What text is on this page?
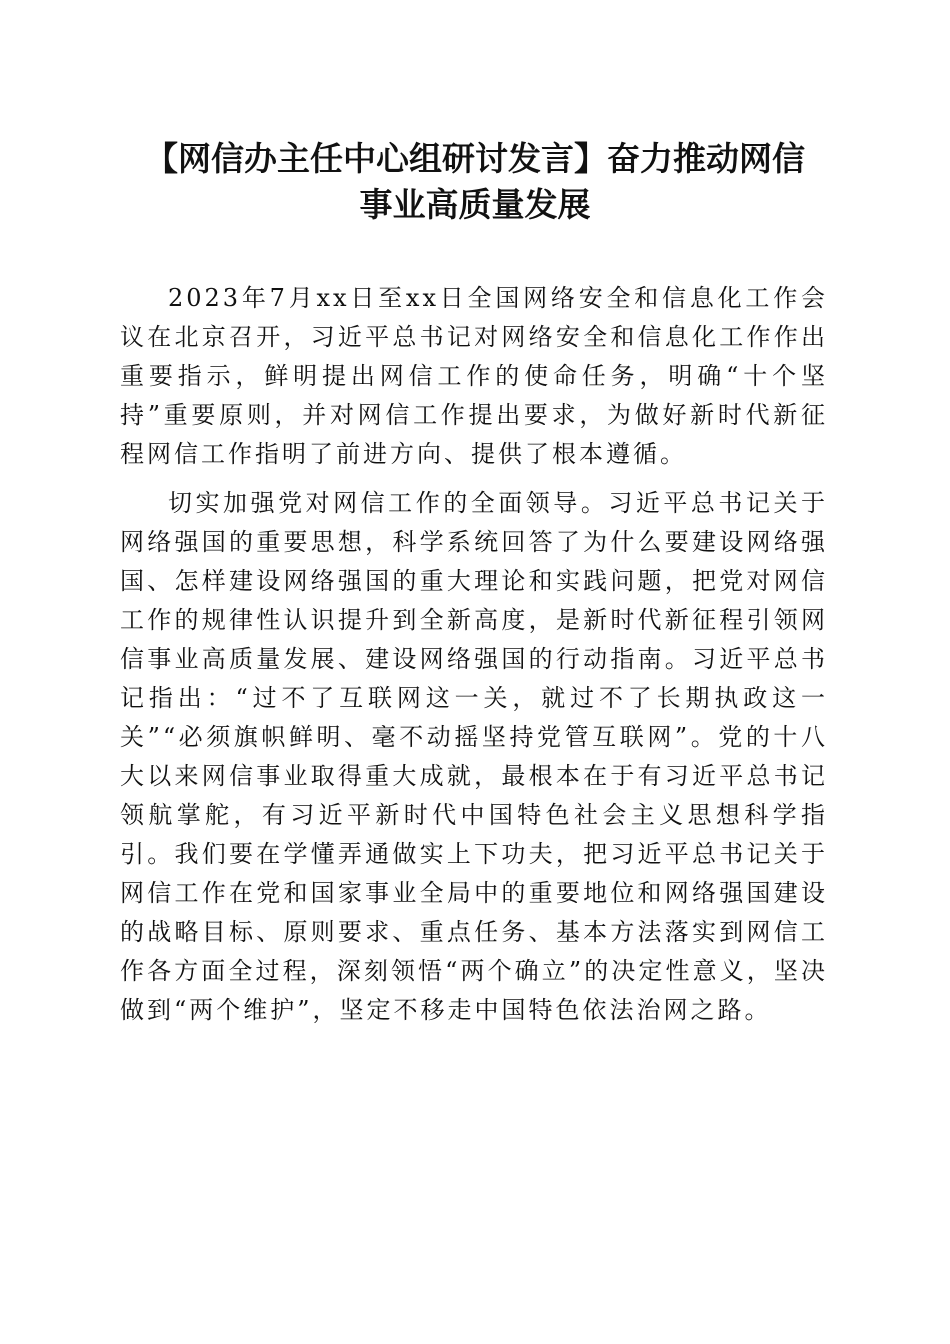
【网信办主任中心组研讨发言】奋力推动网信
事业高质量发展

2023年7月xx日至xx日全国网络安全和信息化工作会议在北京召开，习近平总书记对网络安全和信息化工作作出重要指示，鲜明提出网信工作的使命任务，明确“十个坚持”重要原则，并对网信工作提出要求，为做好新时代新征程网信工作指明了前进方向、提供了根本遵循。

切实加强党对网信工作的全面领导。习近平总书记关于网络强国的重要思想，科学系统回答了为什么要建设网络强国、怎样建设网络强国的重大理论和实践问题，把党对网信工作的规律性认识提升到全新高度，是新时代新征程引领网信事业高质量发展、建设网络强国的行动指南。习近平总书记指出：“过不了互联网这一关，就过不了长期执政这一关”“必须旗帜鲜明、毫不动摇坚持党管互联网”。党的十八大以来网信事业取得重大成就，最根本在于有习近平总书记领航掌舵，有习近平新时代中国特色社会主义思想科学指引。我们要在学懂弄通做实上下功夫，把习近平总书记关于网信工作在党和国家事业全局中的重要地位和网络强国建设的战略目标、原则要求、重点任务、基本方法落实到网信工作各方面全过程，深刻领悟“两个确立”的决定性意义，坚决做到“两个维护”，坚定不移走中国特色依法治网之路。
